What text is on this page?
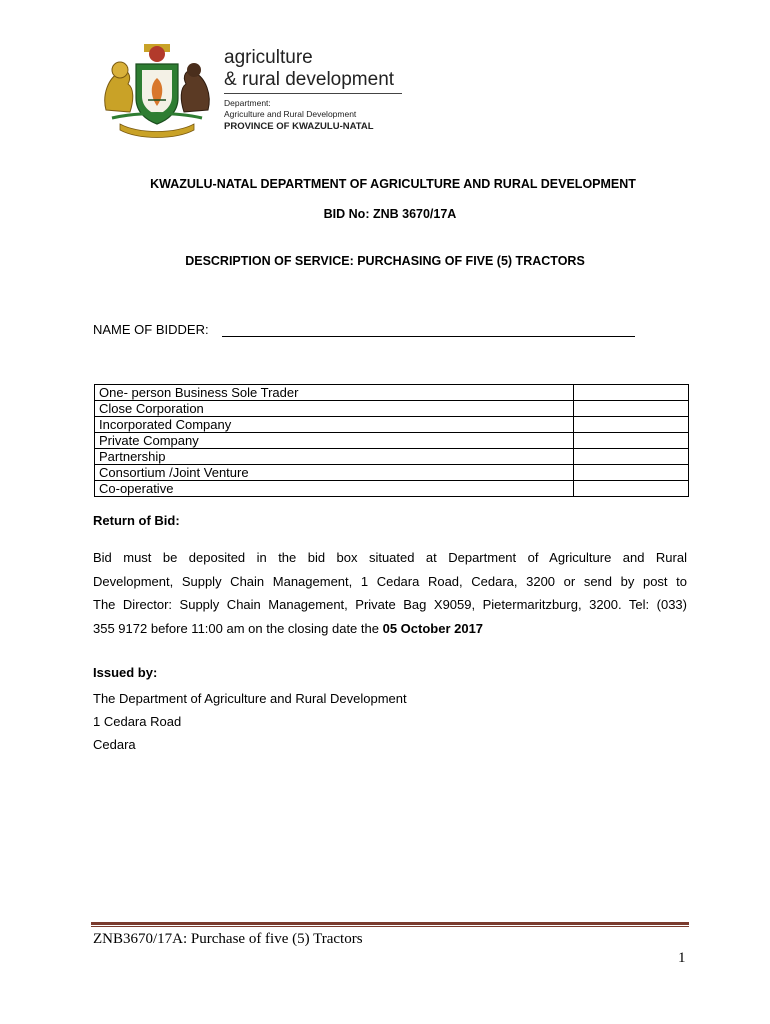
agriculture
& rural development
Department:
Agriculture and Rural Development
PROVINCE OF KWAZULU-NATAL
KWAZULU-NATAL DEPARTMENT OF AGRICULTURE AND RURAL DEVELOPMENT
BID No: ZNB 3670/17A
DESCRIPTION OF SERVICE: PURCHASING OF FIVE (5) TRACTORS
NAME OF BIDDER:
One- person Business Sole Trader	
Close Corporation	
Incorporated Company	
Private Company	
Partnership	
Consortium /Joint Venture	
Co-operative	
Return of Bid:
Bid must be deposited in the bid box situated at Department of Agriculture and Rural
Development, Supply Chain Management, 1 Cedara Road, Cedara, 3200 or send by post to
The Director: Supply Chain Management, Private Bag X9059, Pietermaritzburg, 3200. Tel: (033)
355 9172 before 11:00 am on the closing date the 05 October 2017
Issued by:
The Department of Agriculture and Rural Development
1 Cedara Road
Cedara
ZNB3670/17A: Purchase of five (5) Tractors
1
